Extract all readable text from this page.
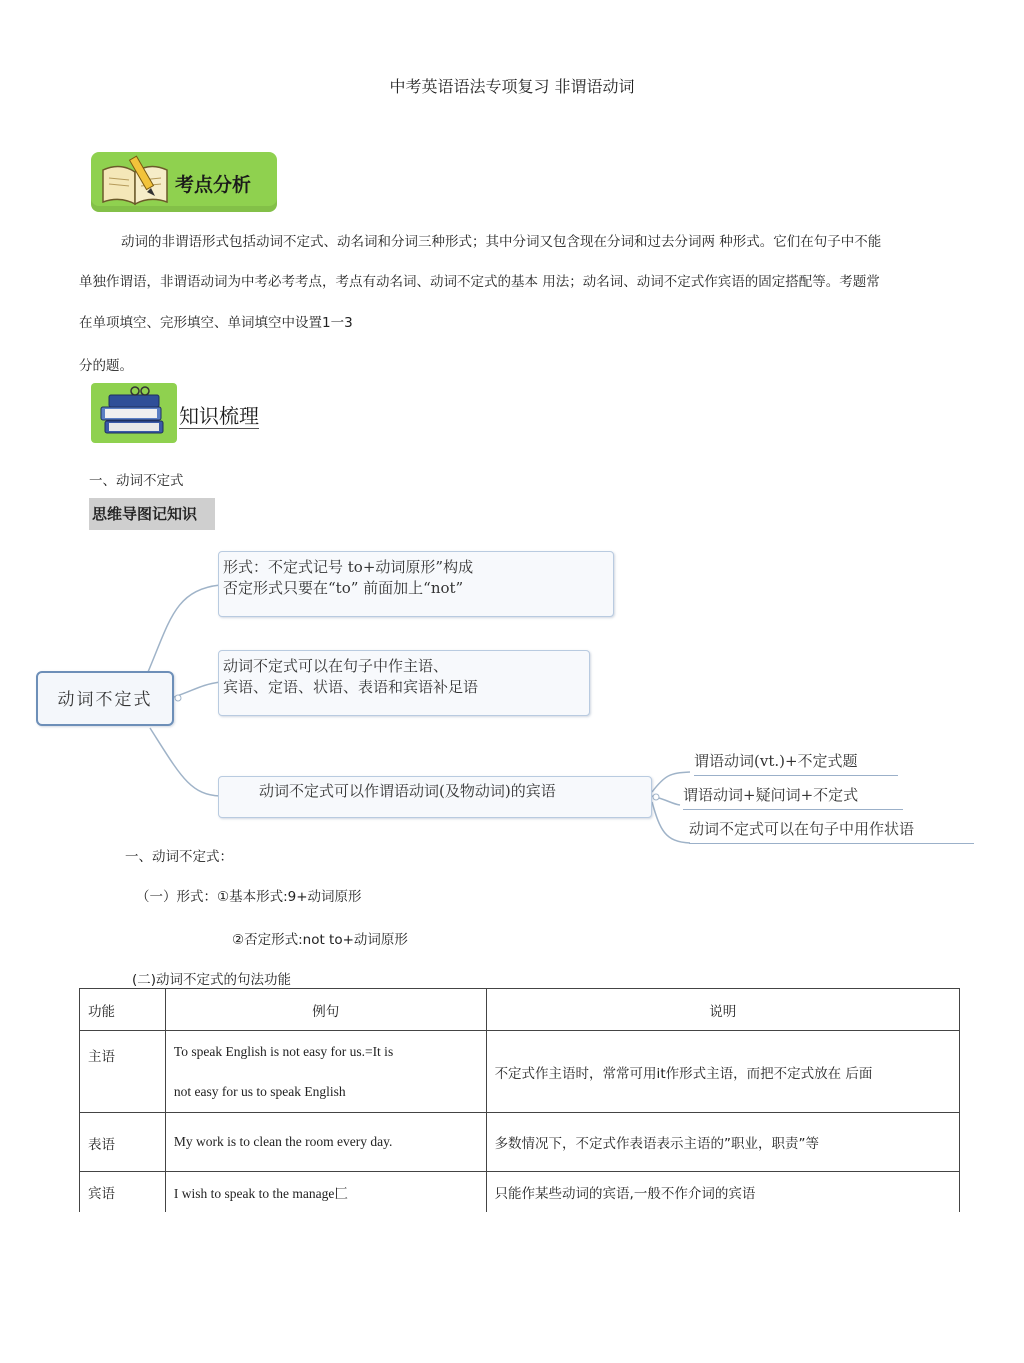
中考英语语法专项复习 非谓语动词
考点分析
动词的非谓语形式包括动词不定式、动名词和分词三种形式；其中分词又包含现在分词和过去分词两 种形式。它们在句子中不能
单独作谓语，非谓语动词为中考必考考点，考点有动名词、动词不定式的基本 用法；动名词、动词不定式作宾语的固定搭配等。考题常
在单项填空、完形填空、单词填空中设置1一3
分的题。
知识梳理
一、动词不定式
思维导图记知识
动词不定式
形式：不定式记号 to+动词原形”构成
否定形式只要在“to” 前面加上“not”
动词不定式可以在句子中作主语、
宾语、定语、状语、表语和宾语补足语
动词不定式可以作谓语动词(及物动词)的宾语
谓语动词(vt.)+不定式题
谓语动词+疑问词+不定式
动词不定式可以在句子中用作状语
一、动词不定式：
（一）形式：①基本形式:9+动词原形
②否定形式:not to+动词原形
(二)动词不定式的句法功能
功能	例句	说明
主语	To speak English is not easy for us.=It is
not easy for us to speak English	不定式作主语时，常常可用it作形式主语，而把不定式放在 后面
表语	My work is to clean the room every day.	多数情况下，不定式作表语表示主语的”职业，职责”等
宾语	I wish to speak to the manage匚	只能作某些动词的宾语,一般不作介词的宾语
